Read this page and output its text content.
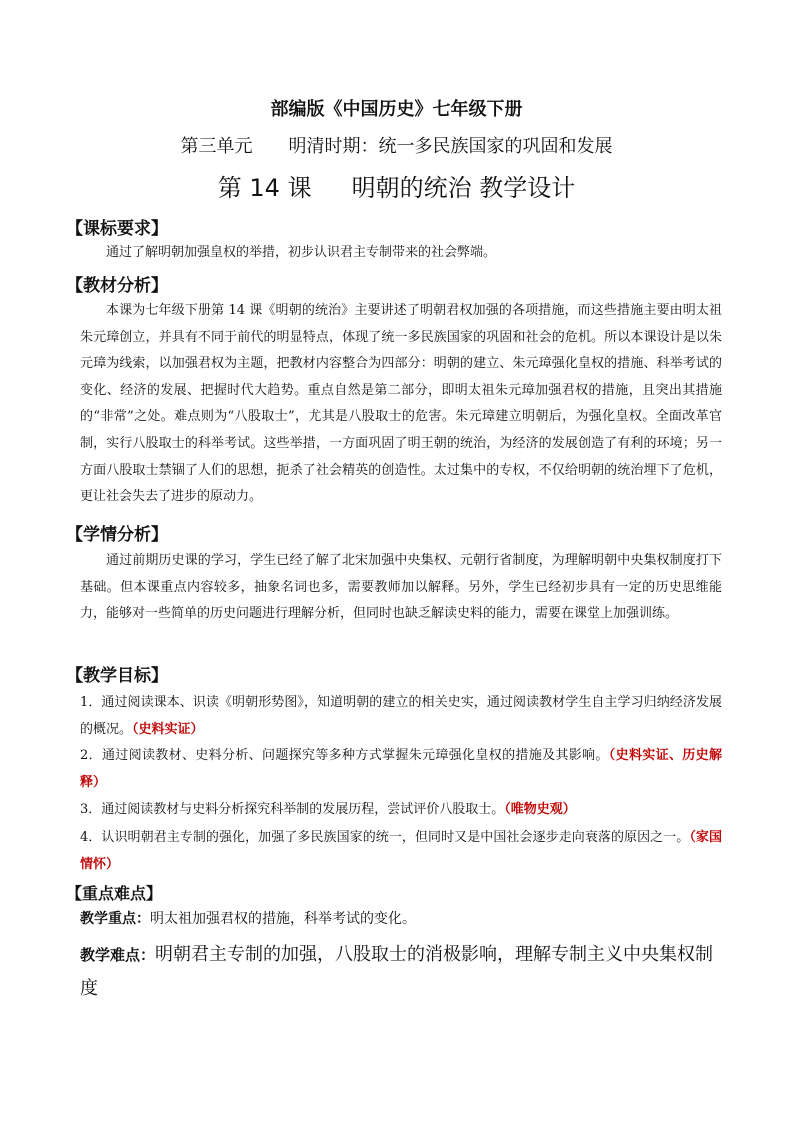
部编版《中国历史》七年级下册
第三单元 明清时期：统一多民族国家的巩固和发展
第 14 课 明朝的统治 教学设计
【课标要求】

通过了解明朝加强皇权的举措，初步认识君主专制带来的社会弊端。

【教材分析】

本课为七年级下册第 14 课《明朝的统治》主要讲述了明朝君权加强的各项措施，而这些措施主要由明太祖朱元璋创立，并具有不同于前代的明显特点，体现了统一多民族国家的巩固和社会的危机。所以本课设计是以朱元璋为线索，以加强君权为主题，把教材内容整合为四部分：明朝的建立、朱元璋强化皇权的措施、科举考试的变化、经济的发展、把握时代大趋势。重点自然是第二部分，即明太祖朱元璋加强君权的措施，且突出其措施的“非常”之处。难点则为“八股取士”，尤其是八股取士的危害。朱元璋建立明朝后，为强化皇权。全面改革官制，实行八股取士的科举考试。这些举措，一方面巩固了明王朝的统治，为经济的发展创造了有利的环境；另一方面八股取士禁锢了人们的思想，扼杀了社会精英的创造性。太过集中的专权，不仅给明朝的统治埋下了危机，更让社会失去了进步的原动力。

【学情分析】

通过前期历史课的学习，学生已经了解了北宋加强中央集权、元朝行省制度，为理解明朝中央集权制度打下基础。但本课重点内容较多，抽象名词也多，需要教师加以解释。另外，学生已经初步具有一定的历史思维能力，能够对一些简单的历史问题进行理解分析，但同时也缺乏解读史料的能力，需要在课堂上加强训练。

【教学目标】

1．通过阅读课本、识读《明朝形势图》，知道明朝的建立的相关史实，通过阅读教材学生自主学习归纳经济发展的概况。（史料实证）

2．通过阅读教材、史料分析、问题探究等多种方式掌握朱元璋强化皇权的措施及其影响。（史料实证、历史解释）

3．通过阅读教材与史料分析探究科举制的发展历程，尝试评价八股取士。（唯物史观）

4．认识明朝君主专制的强化，加强了多民族国家的统一，但同时又是中国社会逐步走向衰落的原因之一。（家国情怀）

【重点难点】
教学重点：明太祖加强君权的措施，科举考试的变化。

教学难点：明朝君主专制的加强，八股取士的消极影响，理解专制主义中央集权制度
